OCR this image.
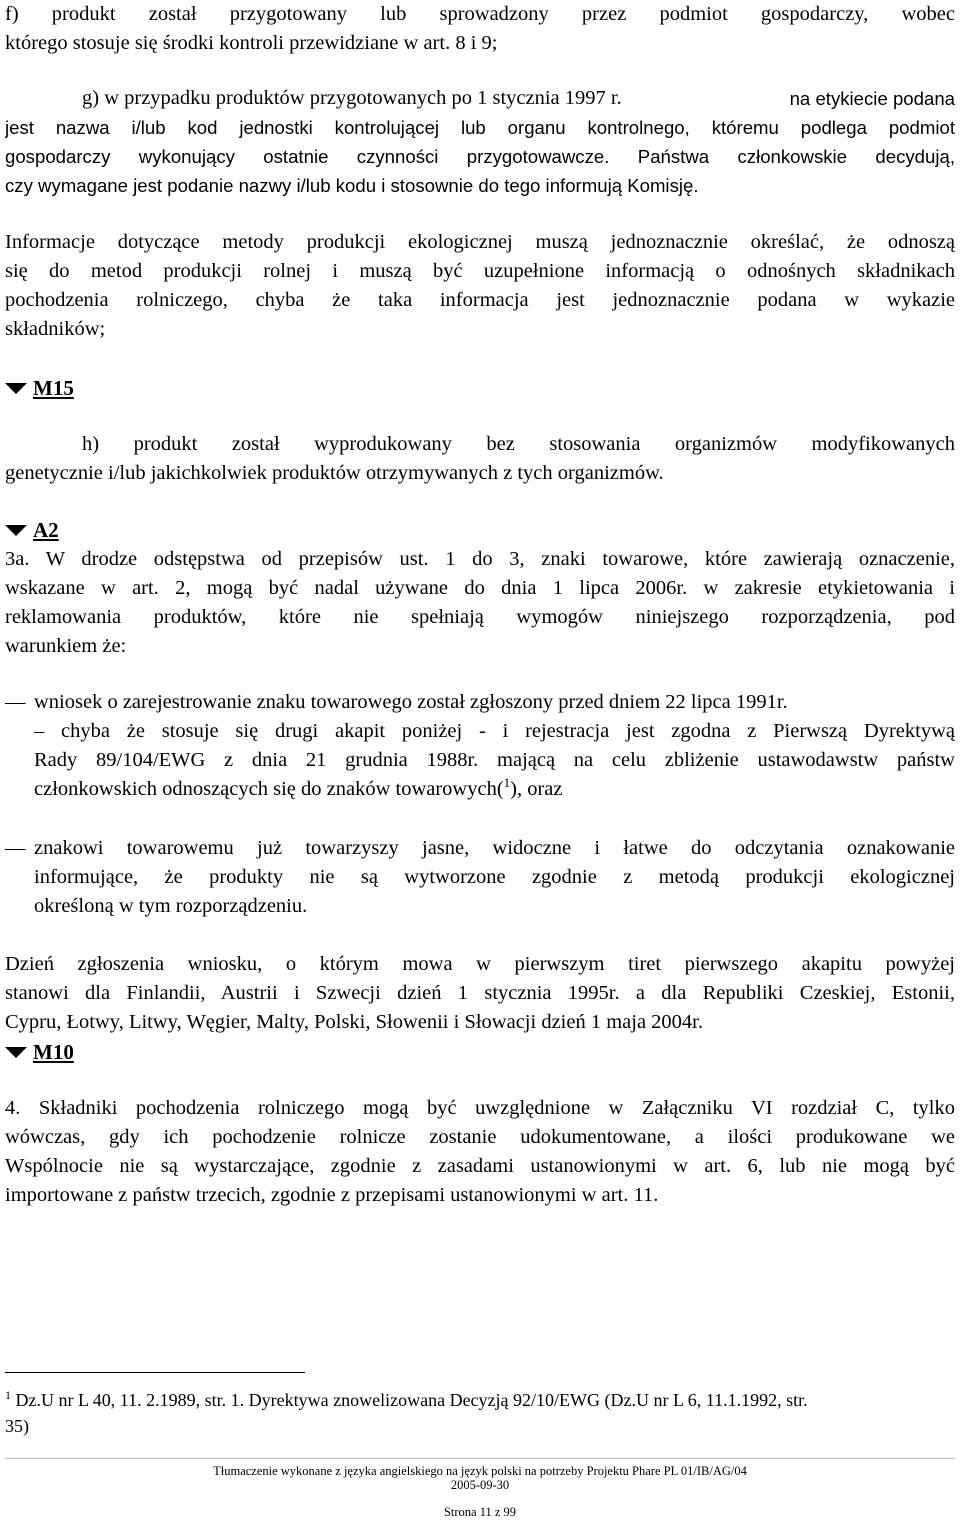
f) produkt został przygotowany lub sprowadzony przez podmiot gospodarczy, wobec
którego stosuje się środki kontroli przewidziane w art. 8 i 9;
g) w przypadku produktów przygotowanych po 1 stycznia 1997 r.	na etykiecie podana
jest nazwa i/lub kod jednostki kontrolującej lub organu kontrolnego, któremu podlega podmiot
gospodarczy wykonujący ostatnie czynności przygotowawcze. Państwa członkowskie decydują,
czy wymagane jest podanie nazwy i/lub kodu i stosownie do tego informują Komisję.
Informacje dotyczące metody produkcji ekologicznej muszą jednoznacznie określać, że odnoszą
się do metod produkcji rolnej i muszą być uzupełnione informacją o odnośnych składnikach
pochodzenia rolniczego, chyba że taka informacja jest jednoznacznie podana w wykazie
składników;
M15
h) produkt został wyprodukowany bez stosowania organizmów modyfikowanych
genetycznie i/lub jakichkolwiek produktów otrzymywanych z tych organizmów.
A2
3a. W drodze odstępstwa od przepisów ust. 1 do 3, znaki towarowe, które zawierają oznaczenie,
wskazane w art. 2, mogą być nadal używane do dnia 1 lipca 2006r. w zakresie etykietowania i
reklamowania produktów, które nie spełniają wymogów niniejszego rozporządzenia, pod
warunkiem że:
— wniosek o zarejestrowanie znaku towarowego został zgłoszony przed dniem 22 lipca 1991r.
– chyba że stosuje się drugi akapit poniżej - i rejestracja jest zgodna z Pierwszą Dyrektywą
Rady 89/104/EWG z dnia 21 grudnia 1988r. mającą na celu zbliżenie ustawodawstw państw
członkowskich odnoszących się do znaków towarowych($^1$), oraz
— znakowi towarowemu już towarzyszy jasne, widoczne i łatwe do odczytania oznakowanie
informujące, że produkty nie są wytworzone zgodnie z metodą produkcji ekologicznej
określoną w tym rozporządzeniu.
Dzień zgłoszenia wniosku, o którym mowa w pierwszym tiret pierwszego akapitu powyżej
stanowi dla Finlandii, Austrii i Szwecji dzień 1 stycznia 1995r. a dla Republiki Czeskiej, Estonii,
Cypru, Łotwy, Litwy, Węgier, Malty, Polski, Słowenii i Słowacji dzień 1 maja 2004r.
M10
4. Składniki pochodzenia rolniczego mogą być uwzględnione w Załączniku VI rozdział C, tylko
wówczas, gdy ich pochodzenie rolnicze zostanie udokumentowane, a ilości produkowane we
Wspólnocie nie są wystarczające, zgodnie z zasadami ustanowionymi w art. 6, lub nie mogą być
importowane z państw trzecich, zgodnie z przepisami ustanowionymi w art. 11.
$^1$ Dz.U nr L 40, 11. 2.1989, str. 1. Dyrektywa znowelizowana Decyzją 92/10/EWG (Dz.U nr L 6, 11.1.1992, str.
35)
Tłumaczenie wykonane z języka angielskiego na język polski na potrzeby Projektu Phare PL 01/IB/AG/04
2005-09-30
Strona 11 z 99
